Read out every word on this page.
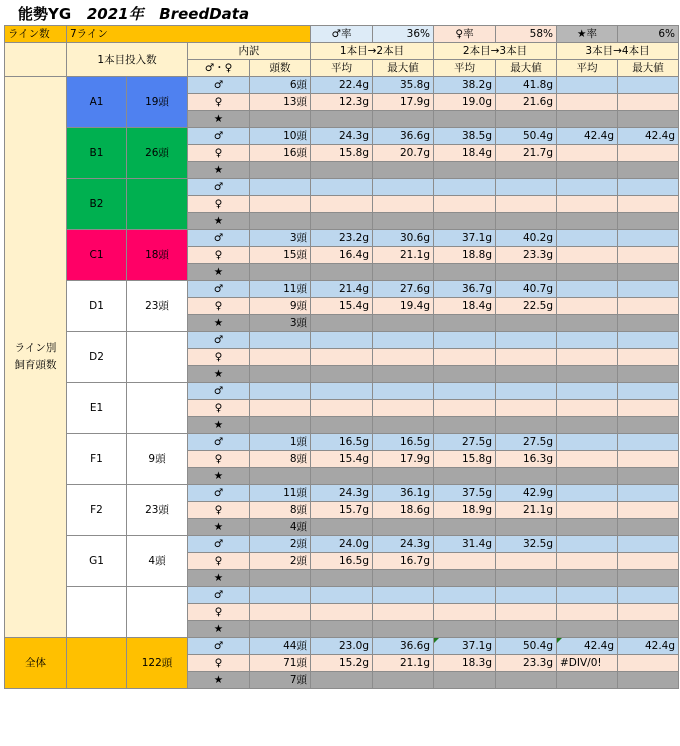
能勢YG 2021年 BreedData
ライン数	7ライン				♂率	36%	♀率	58%	★率	6%
	1本目投入数		内訳		1本目→2本目		2本目→3本目		3本目→4本目	
			♂・♀	頭数	平均	最大値	平均	最大値	平均	最大値
ライン別
飼育頭数	A1	19頭	♂	6頭	22.4g	35.8g	38.2g	41.8g		
			♀	13頭	12.3g	17.9g	19.0g	21.6g		
			★							
	B1	26頭	♂	10頭	24.3g	36.6g	38.5g	50.4g	42.4g	42.4g
			♀	16頭	15.8g	20.7g	18.4g	21.7g		
			★							
	B2		♂							
			♀							
			★							
	C1	18頭	♂	3頭	23.2g	30.6g	37.1g	40.2g		
			♀	15頭	16.4g	21.1g	18.8g	23.3g		
			★							
	D1	23頭	♂	11頭	21.4g	27.6g	36.7g	40.7g		
			♀	9頭	15.4g	19.4g	18.4g	22.5g		
			★	3頭						
	D2		♂							
			♀							
			★							
	E1		♂							
			♀							
			★							
	F1	9頭	♂	1頭	16.5g	16.5g	27.5g	27.5g		
			♀	8頭	15.4g	17.9g	15.8g	16.3g		
			★							
	F2	23頭	♂	11頭	24.3g	36.1g	37.5g	42.9g		
			♀	8頭	15.7g	18.6g	18.9g	21.1g		
			★	4頭						
	G1	4頭	♂	2頭	24.0g	24.3g	31.4g	32.5g		
			♀	2頭	16.5g	16.7g				
			★							
			♂							
			♀							
			★							
全体		122頭	♂	44頭	23.0g	36.6g	37.1g	50.4g	42.4g	42.4g
			♀	71頭	15.2g	21.1g	18.3g	23.3g	#DIV/0!	
			★	7頭						
